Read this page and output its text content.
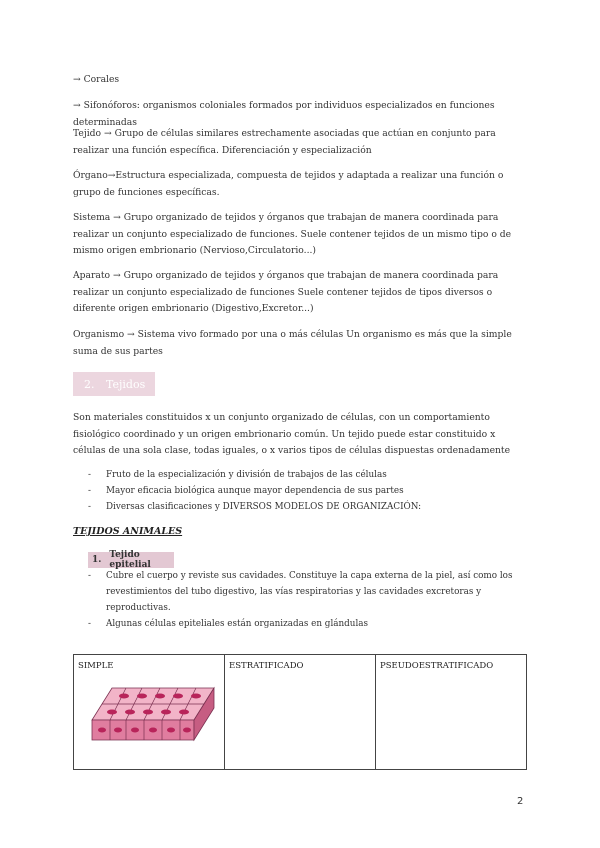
→ Corales

→ Sifonóforos: organismos coloniales formados por individuos especializados en funciones determinadas

Tejido → Grupo de células similares estrechamente asociadas que actúan en conjunto para realizar una función específica. Diferenciación y especialización

Órgano→Estructura especializada, compuesta de tejidos y adaptada a realizar una función o grupo de funciones específicas.

Sistema → Grupo organizado de tejidos y órganos que trabajan de manera coordinada para realizar un conjunto especializado de funciones. Suele contener tejidos de un mismo tipo o de mismo origen embrionario (Nervioso,Circulatorio...)

Aparato → Grupo organizado de tejidos y órganos que trabajan de manera coordinada para realizar un conjunto especializado de funciones Suele contener tejidos de tipos diversos o diferente origen embrionario (Digestivo,Excretor...)

Organismo → Sistema vivo formado por una o más células Un organismo es más que la simple suma de sus partes

2.	Tejidos

Son materiales constituidos x un conjunto organizado de células, con un comportamiento fisiológico coordinado y un origen embrionario común. Un tejido puede estar constituido x células de una sola clase, todas iguales, o x varios tipos de células dispuestas ordenadamente

- Fruto de la especialización y división de trabajos de las células
- Mayor eficacia biológica aunque mayor dependencia de sus partes
- Diversas clasificaciones y DIVERSOS MODELOS DE ORGANIZACIÓN:
TEJIDOS ANIMALES
1. Tejido epitelial
- Cubre el cuerpo y reviste sus cavidades. Constituye la capa externa de la piel, así como los revestimientos del tubo digestivo, las vías respiratorias y las cavidades excretoras y reproductivas.
- Algunas células epiteliales están organizadas en glándulas
SIMPLE	ESTRATIFICADO	PSEUDOESTRATIFICADO
2
